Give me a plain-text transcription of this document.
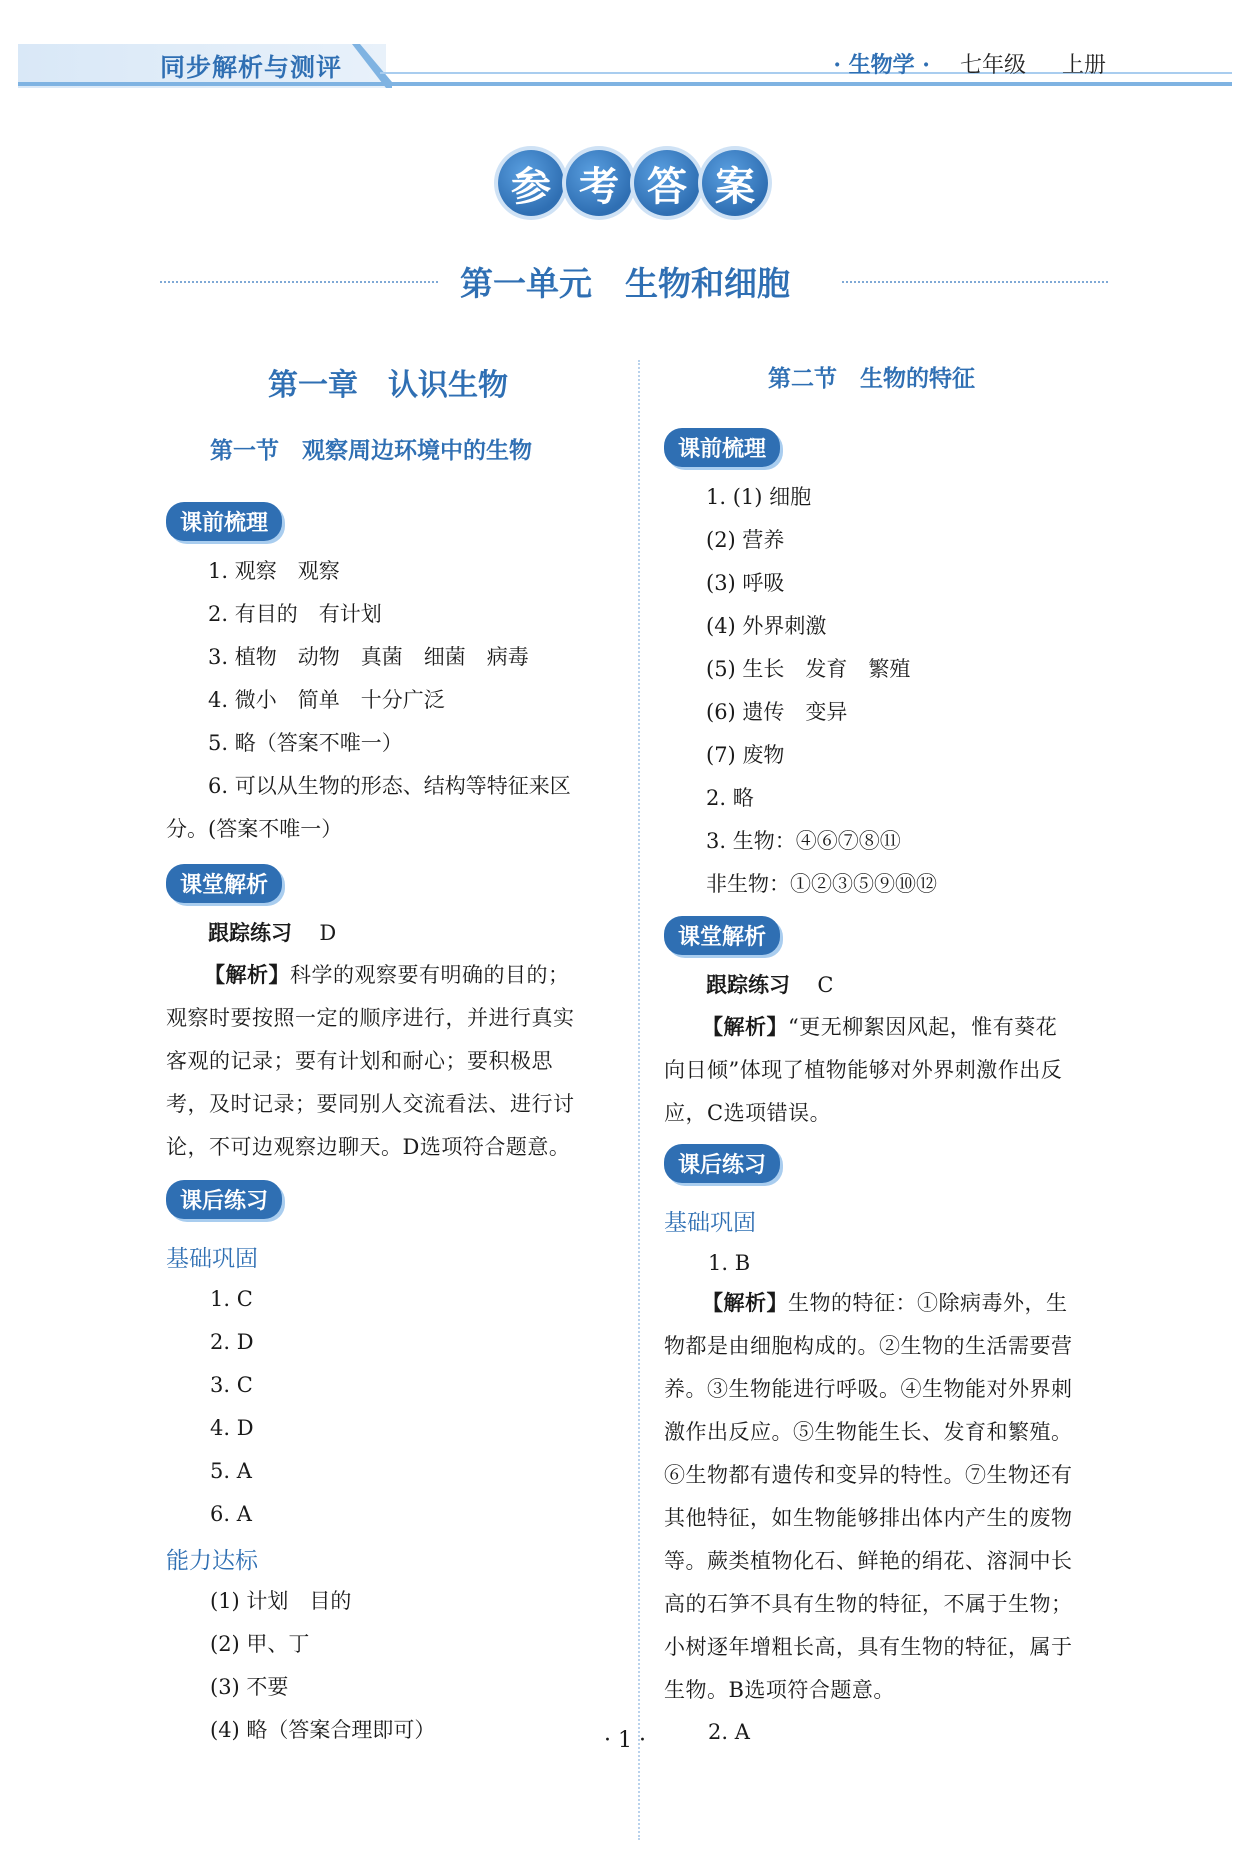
同步解析与测评	· 生物学 · 七年级 上册
参 考 答 案
第一单元　生物和细胞
第一章　认识生物
第一节　观察周边环境中的生物
课前梳理
1. 观察　观察
2. 有目的　有计划
3. 植物　动物　真菌　细菌　病毒
4. 微小　简单　十分广泛
5. 略（答案不唯一）
6. 可以从生物的形态、结构等特征来区
分。(答案不唯一）
课堂解析
跟踪练习 D
【解析】科学的观察要有明确的目的；
观察时要按照一定的顺序进行，并进行真实
客观的记录；要有计划和耐心；要积极思
考，及时记录；要同别人交流看法、进行讨
论，不可边观察边聊天。D选项符合题意。
课后练习
基础巩固
1. C
2. D
3. C
4. D
5. A
6. A
能力达标
(1) 计划　目的
(2) 甲、丁
(3) 不要
(4) 略（答案合理即可）
第二节　生物的特征
课前梳理
1. (1) 细胞
(2) 营养
(3) 呼吸
(4) 外界刺激
(5) 生长　发育　繁殖
(6) 遗传　变异
(7) 废物
2. 略
3. 生物：④⑥⑦⑧⑪
非生物：①②③⑤⑨⑩⑫
课堂解析
跟踪练习 C
【解析】“更无柳絮因风起，惟有葵花
向日倾”体现了植物能够对外界刺激作出反
应，C选项错误。
课后练习
基础巩固
1. B
【解析】生物的特征：①除病毒外，生
物都是由细胞构成的。②生物的生活需要营
养。③生物能进行呼吸。④生物能对外界刺
激作出反应。⑤生物能生长、发育和繁殖。
⑥生物都有遗传和变异的特性。⑦生物还有
其他特征，如生物能够排出体内产生的废物
等。蕨类植物化石、鲜艳的绢花、溶洞中长
高的石笋不具有生物的特征，不属于生物；
小树逐年增粗长高，具有生物的特征，属于
生物。B选项符合题意。
2. A
· 1 ·
